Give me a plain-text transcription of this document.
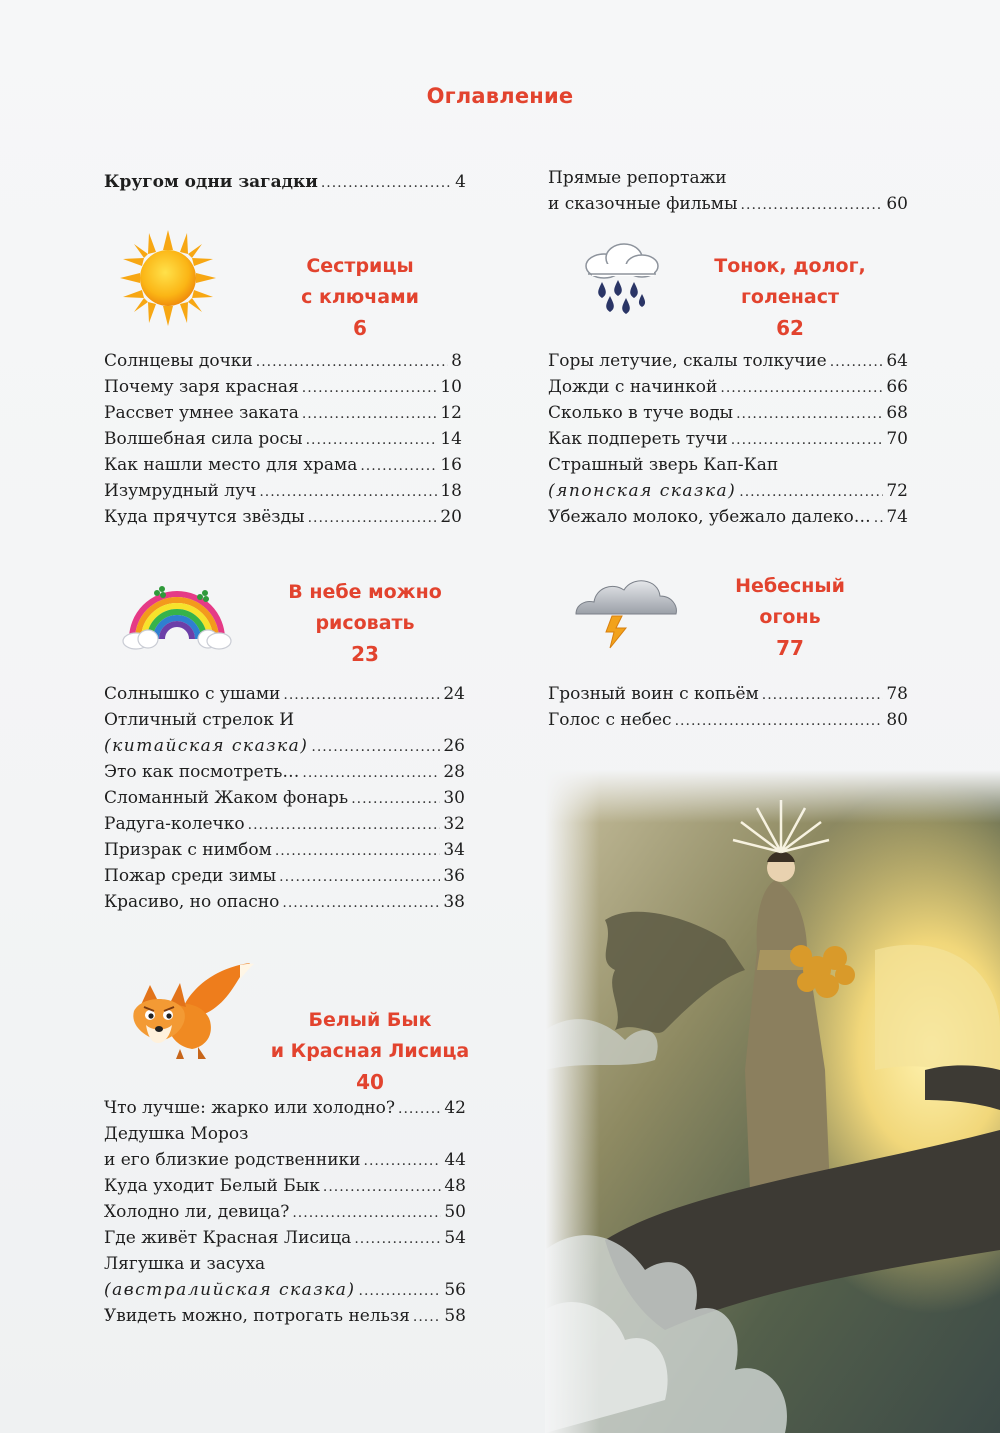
Оглавление
Кругом одни загадки .....	4
Сестрицы
с ключами
6
Солнцевы дочки .....	8
Почему заря красная .....	10
Рассвет умнее заката .....	12
Волшебная сила росы .....	14
Как нашли место для храма .....	16
Изумрудный луч .....	18
Куда прячутся звёзды .....	20
В небе можно
рисовать
23
Солнышко с ушами .....	24
Отличный стрелок И
(китайская сказка) .....	26
Это как посмотреть… .....	28
Сломанный Жаком фонарь .....	30
Радуга-колечко .....	32
Призрак с нимбом .....	34
Пожар среди зимы .....	36
Красиво, но опасно .....	38
Белый Бык
и Красная Лисица
40
Что лучше: жарко или холодно? .....	42
Дедушка Мороз
и его близкие родственники .....	44
Куда уходит Белый Бык .....	48
Холодно ли, девица? .....	50
Где живёт Красная Лисица .....	54
Лягушка и засуха
(австралийская сказка) .....	56
Увидеть можно, потрогать нельзя ..... 58
Прямые репортажи
и сказочные фильмы .....	60
Тонок, долог,
голенаст
62
Горы летучие, скалы толкучие .....	64
Дожди с начинкой .....	66
Сколько в туче воды .....	68
Как подпереть тучи .....	70
Страшный зверь Кап-Кап
(японская сказка) .....	72
Убежало молоко, убежало далеко… ..... 74
Небесный
огонь
77
Грозный воин с копьём .....	78
Голос с небес .....	80
